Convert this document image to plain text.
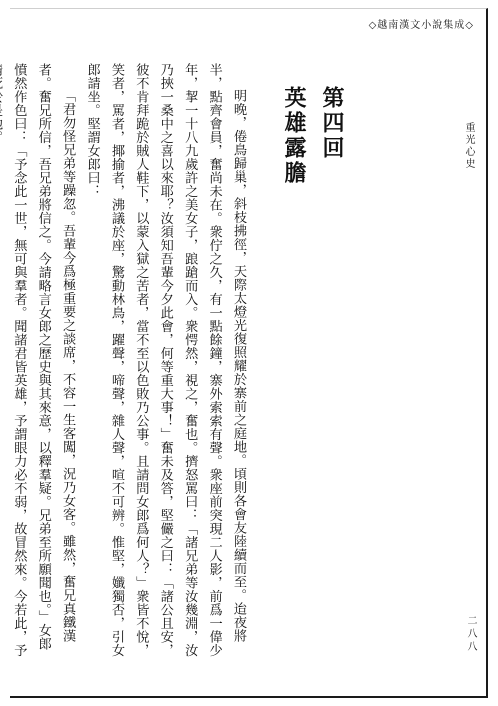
◇越南漢文小說集成◇
重光心史
第四回
英雄露膽

明晚，倦鳥歸巢，斜枝拂徑，天際太燈光復照耀於寨前之庭地。頃則各會友陸續而至。迨夜將半，點齊會員，奮尚未在。衆佇之久，有一點餘鐘，寨外索索有聲。衆座前突現二人影，前爲一偉少年，挈一十八九歲許之美女子，踉蹌而入。衆愕然，視之，奮也。擠怒罵曰：「諸兄弟等汝幾淵，汝乃挾一桑中之喜以來耶？汝須知吾輩今夕此會，何等重大事！」奮未及答，堅儼之曰：「諸公且安，彼不肯拜跪於賊人鞋下，以蒙入獄之苦者，當不至以色敗乃公事。且請問女郎爲何人？」衆皆不悅，笑者，罵者，揶揄者，沸議於座，驚動林鳥，躍聲，啼聲，雜人聲，喧不可辨。惟堅，孅獨否，引女郎請坐。堅謂女郎曰：

「君勿怪兄弟等躁忽。吾輩今爲極重要之談席，不容一生客闖，況乃女客。雖然，奮兄真鐵漢者。奮兄所信，吾兄弟將信之。今請略言女郎之歷史與其來意，以釋羣疑。兄弟至所願聞也。」女郎憤然作色曰：「予念此一世，無可與羣者。聞諸君皆英雄，予謂眼力必不弱，故冒然來。今若此，予	二八八
